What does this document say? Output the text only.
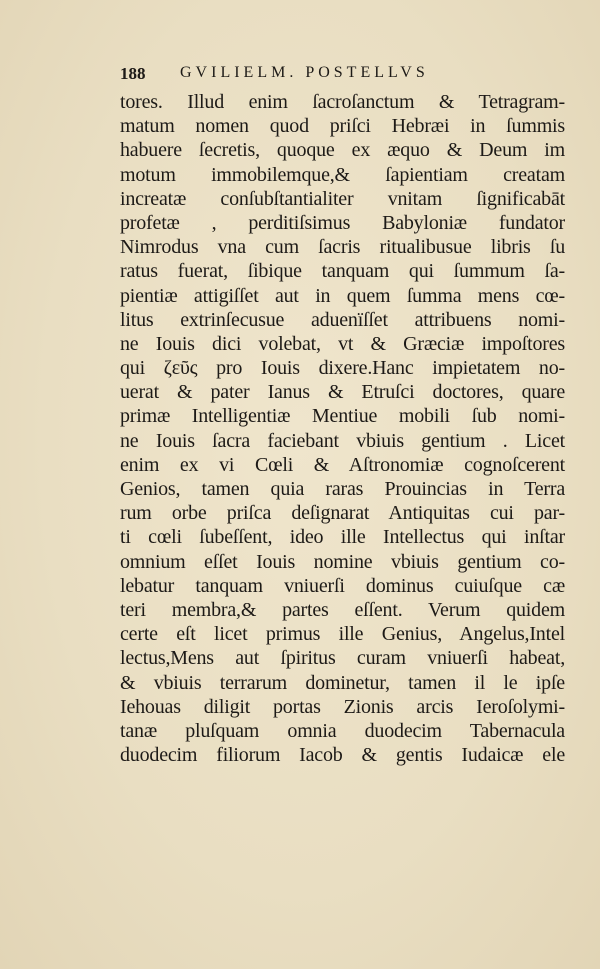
188 GVILIELM. POSTELLVS
tores. Illud enim ſacroſanctum & Tetragram-
matum nomen quod priſci Hebræi in ſummis
habuere ſecretis, quoque ex æquo & Deum im
motum immobilemque,& ſapientiam creatam
increatæ conſubſtantialiter vnitam ſignificabāt
profetæ , perditiſsimus Babyloniæ fundator
Nimrodus vna cum ſacris ritualibusue libris ſu
ratus fuerat, ſibique tanquam qui ſummum ſa-
pientiæ attigiſſet aut in quem ſumma mens cœ-
litus extrinſecusue aduenïſſet attribuens nomi-
ne Iouis dici volebat, vt & Græciæ impoſtores
qui ζεῦς pro Iouis dixere.Hanc impietatem no-
uerat & pater Ianus & Etruſci doctores, quare
primæ Intelligentiæ Mentiue mobili ſub nomi-
ne Iouis ſacra faciebant vbiuis gentium . Licet
enim ex vi Cœli & Aſtronomiæ cognoſcerent
Genios, tamen quia raras Prouincias in Terra
rum orbe priſca deſignarat Antiquitas cui par-
ti cœli ſubeſſent, ideo ille Intellectus qui inſtar
omnium eſſet Iouis nomine vbiuis gentium co-
lebatur tanquam vniuerſi dominus cuiuſque cæ
teri membra,& partes eſſent. Verum quidem
certe eſt licet primus ille Genius, Angelus,Intel
lectus,Mens aut ſpiritus curam vniuerſi habeat,
& vbiuis terrarum dominetur, tamen il le ipſe
Iehouas diligit portas Zionis arcis Ieroſolymi-
tanæ pluſquam omnia duodecim Tabernacula
duodecim filiorum Iacob & gentis Iudaicæ ele
